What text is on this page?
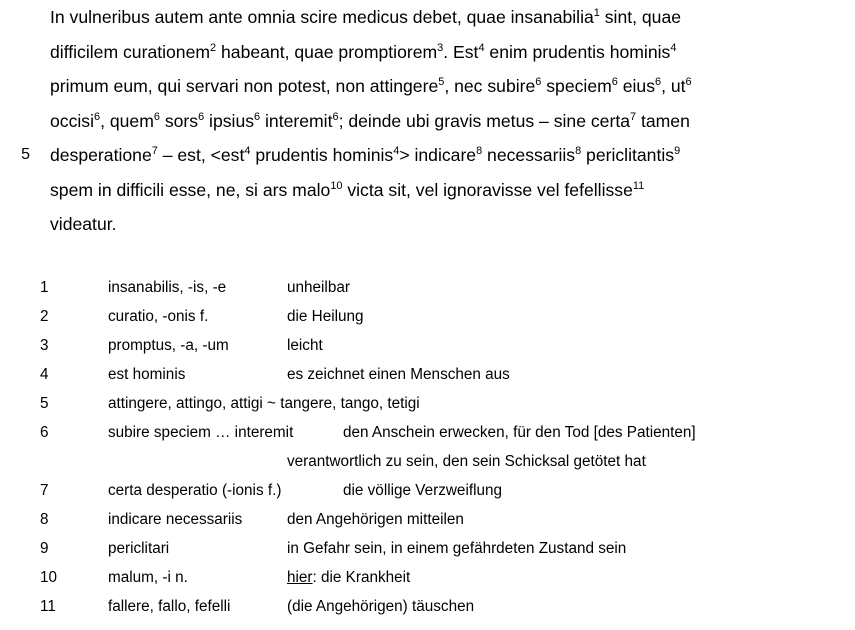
In vulneribus autem ante omnia scire medicus debet, quae insanabilia$^1$ sint, quae
difficilem curationem$^2$ habeant, quae promptiorem$^3$. Est$^4$ enim prudentis hominis$^4$
primum eum, qui servari non potest, non attingere$^5$, nec subire$^6$ speciem$^6$ eius$^6$, $ut^6$
occisi$^6$, quem$^6$ sors$^6$ ipsius$^6$ interemit$^6$; deinde ubi gravis metus – sine certa$^7$ tamen
5 desperatione$^7$ – est, <est$^4$ prudentis hominis$^4$> indicare$^8$ necessariis$^8$ periclitantis$^9$
spem in difficili esse, ne, si ars malo$^{10}$ victa sit, vel ignoravisse vel fefellisse$^{11}$
videatur.
1	insanabilis, -is, -e	unheilbar
2	curatio, -onis f.	die Heilung
3	promptus, -a, -um	leicht
4	est hominis	es zeichnet einen Menschen aus
5	attingere, attingo, attigi ~ tangere, tango, tetigi
6	subire speciem … interemit	den Anschein erwecken, für den Tod [des Patienten]
verantwortlich zu sein, den sein Schicksal getötet hat
7	certa desperatio (-ionis f.)	die völlige Verzweiflung
8	indicare necessariis	den Angehörigen mitteilen
9	periclitari	in Gefahr sein, in einem gefährdeten Zustand sein
10	malum, -i n.	hier: die Krankheit
11	fallere, fallo, fefelli	(die Angehörigen) täuschen
